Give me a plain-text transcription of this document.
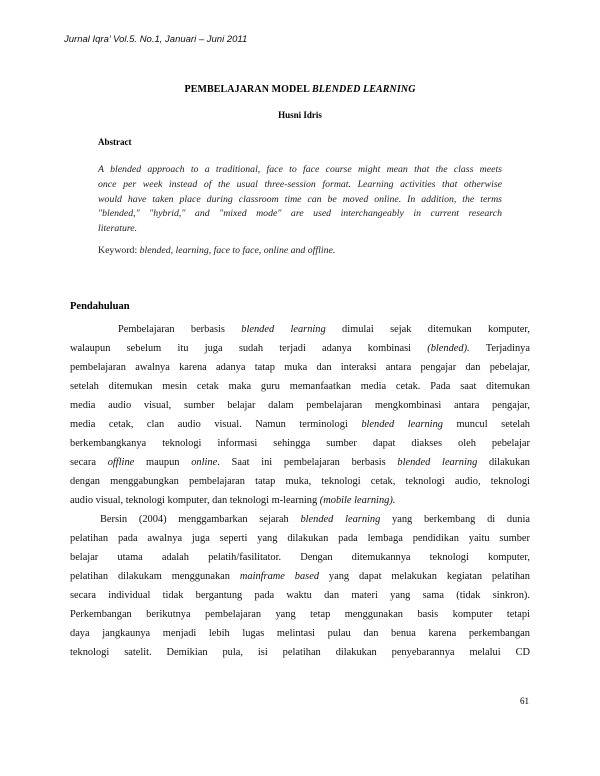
Jurnal Iqra’ Vol.5. No.1, Januari – Juni 2011
PEMBELAJARAN MODEL BLENDED LEARNING
Husni Idris
Abstract
A blended approach to a traditional, face to face course might mean that the class meets
once per week instead of the usual three-session format. Learning activities that otherwise
would have taken place during classroom time can be moved online. In addition, the terms
"blended," "hybrid," and "mixed mode" are used interchangeably in current research
literature.
Keyword: blended, learning, face to face, online and offline.
Pendahuluan
Pembelajaran berbasis blended learning dimulai sejak ditemukan komputer,
walaupun sebelum itu juga sudah terjadi adanya kombinasi (blended). Terjadinya
pembelajaran awalnya karena adanya tatap muka dan interaksi antara pengajar dan pebelajar,
setelah ditemukan mesin cetak maka guru memanfaatkan media cetak. Pada saat ditemukan
media audio visual, sumber belajar dalam pembelajaran mengkombinasi antara pengajar,
media cetak, clan audio visual. Namun terminologi blended learning muncul setelah
berkembangkanya teknologi informasi sehingga sumber dapat diakses oleh pebelajar
secara offline maupun online. Saat ini pembelajaran berbasis blended learning dilakukan
dengan menggabungkan pembelajaran tatap muka, teknologi cetak, teknologi audio, teknologi
audio visual, teknologi komputer, dan teknologi m-learning (mobile learning).
Bersin (2004) menggambarkan sejarah blended learning yang berkembang di dunia
pelatihan pada awalnya juga seperti yang dilakukan pada lembaga pendidikan yaitu sumber
belajar utama adalah pelatih/fasilitator. Dengan ditemukannya teknologi komputer,
pelatihan dilakukam menggunakan mainframe based yang dapat melakukan kegiatan pelatihan
secara individual tidak bergantung pada waktu dan materi yang sama (tidak sinkron).
Perkembangan berikutnya pembelajaran yang tetap menggunakan basis komputer tetapi
daya jangkaunya menjadi lebih lugas melintasi pulau dan benua karena perkembangan
teknologi satelit. Demikian pula, isi pelatihan dilakukan penyebarannya melalui CD
61
